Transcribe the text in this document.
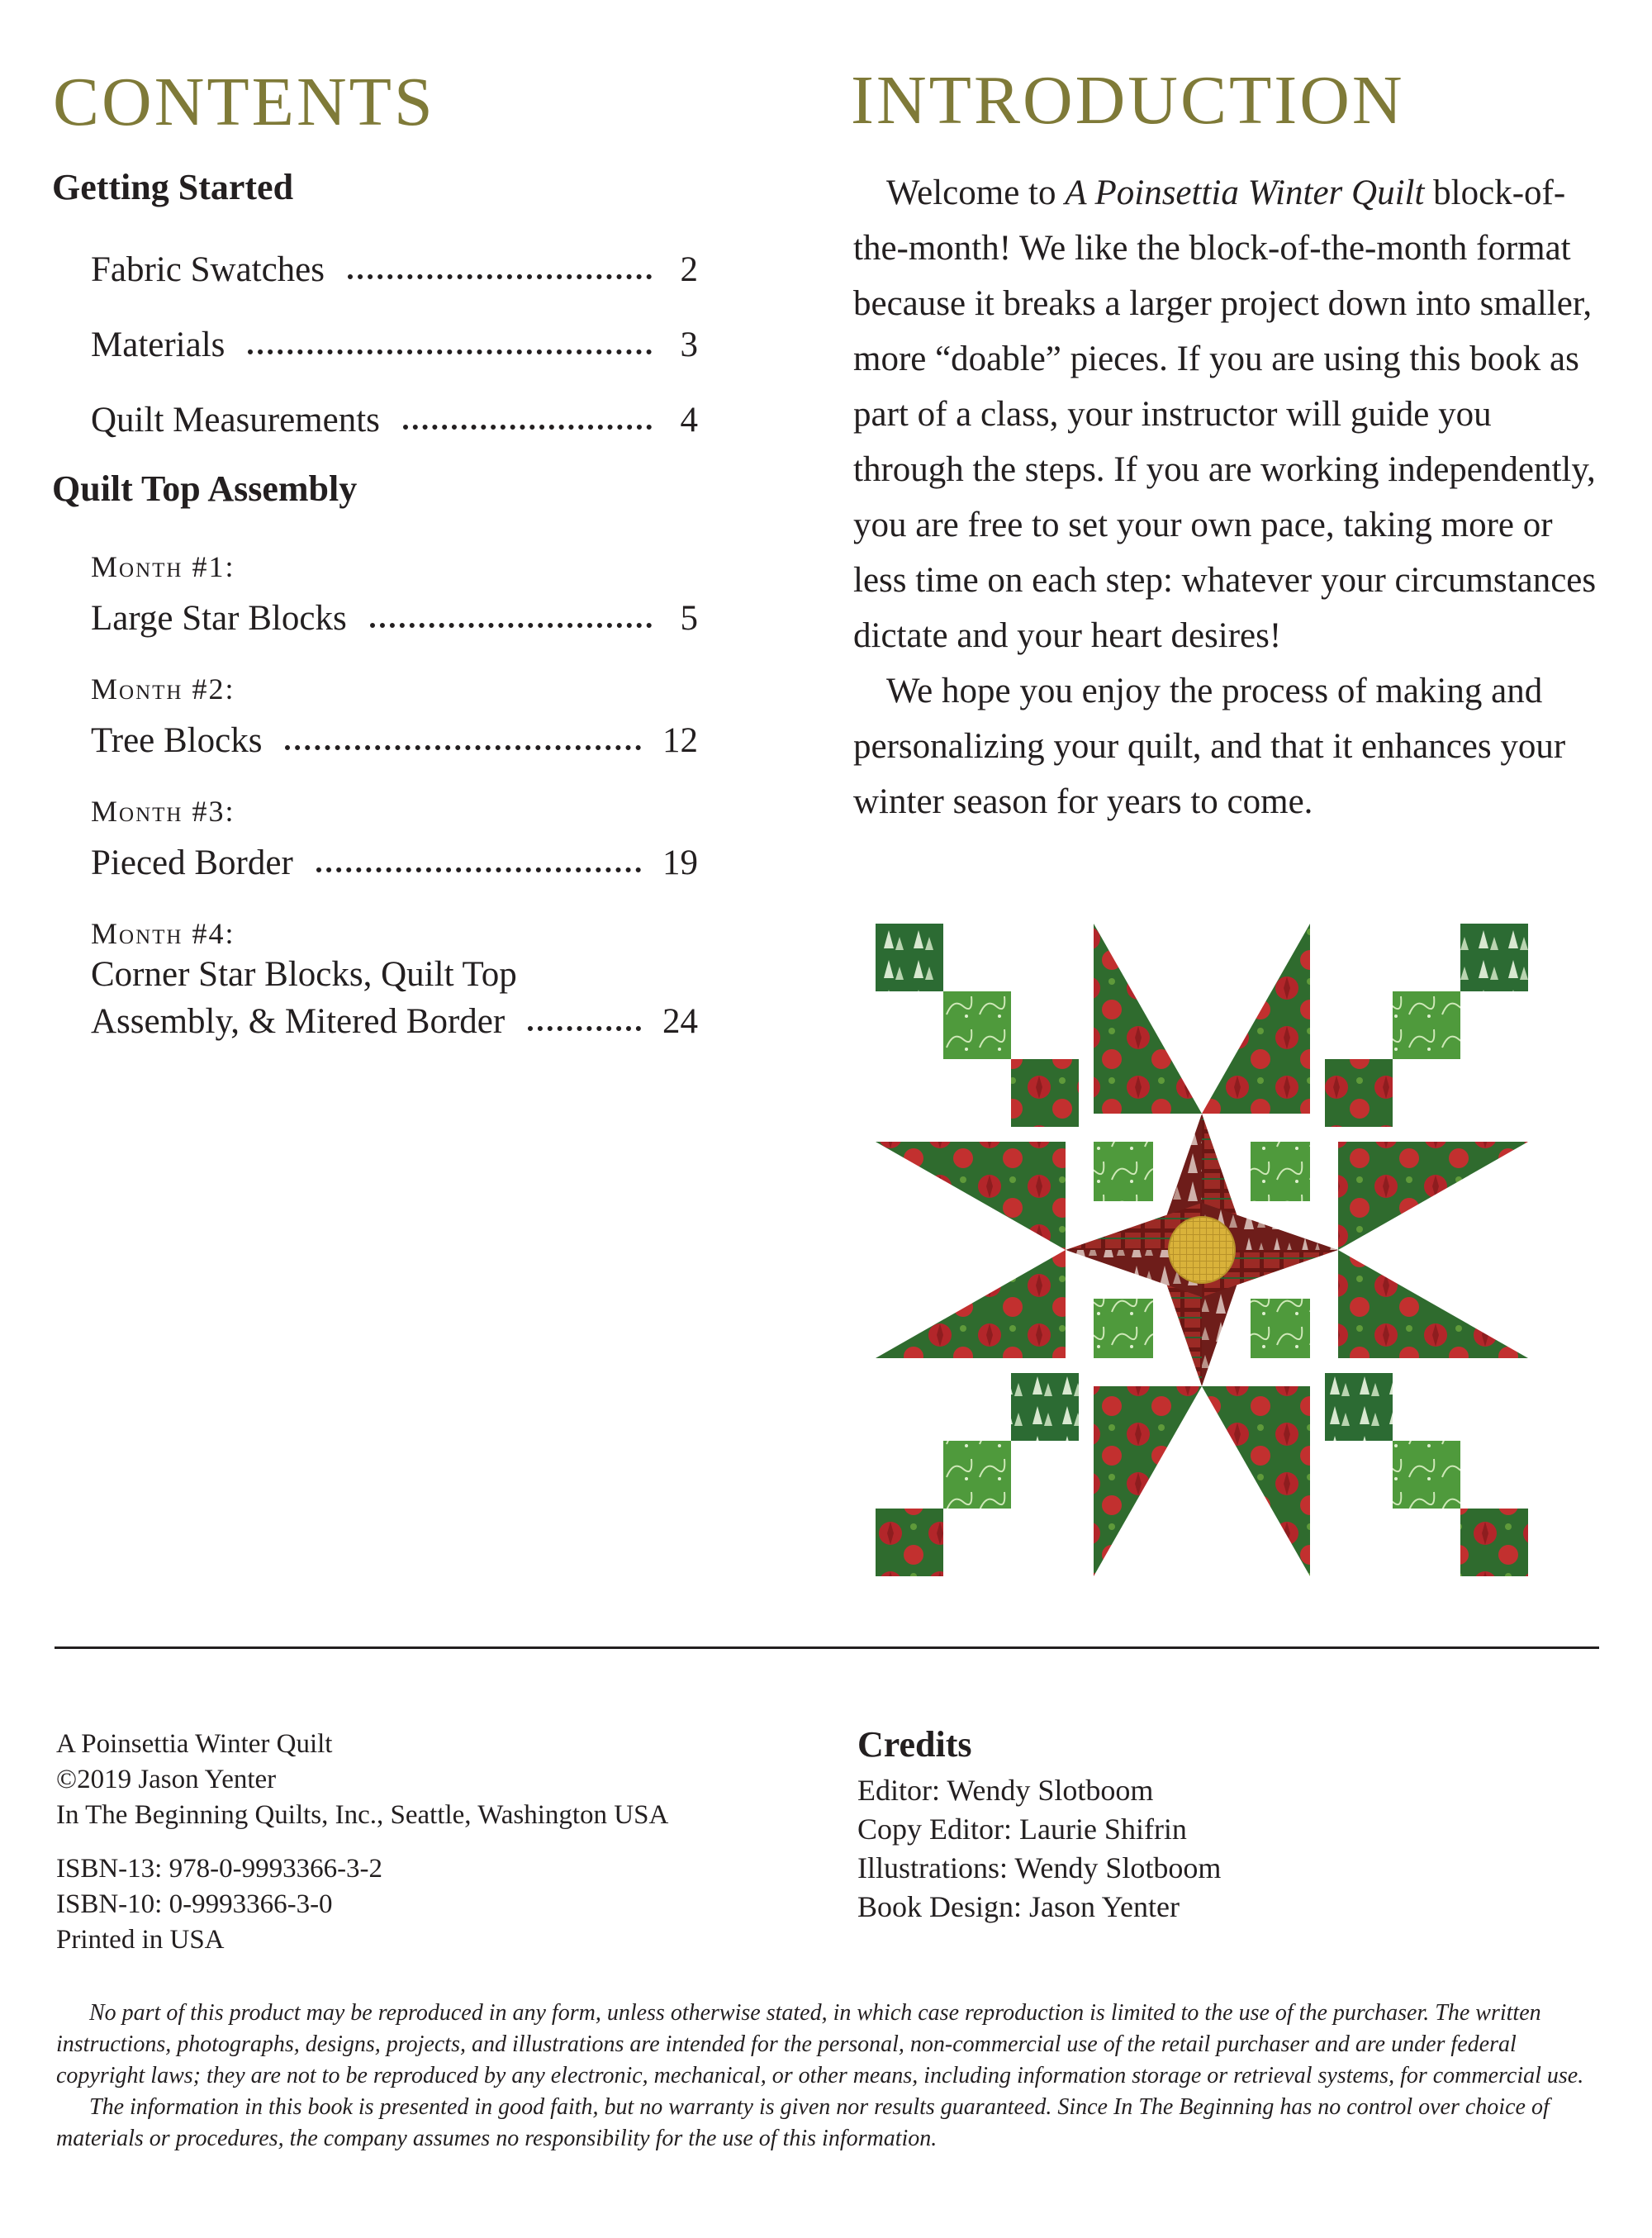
CONTENTS
Getting Started
Fabric Swatches	2
Materials	3
Quilt Measurements	4
Quilt Top Assembly
Month #1:
Large Star Blocks	5
Month #2:
Tree Blocks	12
Month #3:
Pieced Border	19
Month #4:
Corner Star Blocks, Quilt Top
Assembly, & Mitered Border	24
INTRODUCTION

Welcome to A Poinsettia Winter Quilt block-of-the-month! We like the block-of-the-month format because it breaks a larger project down into smaller, more “doable” pieces. If you are using this book as part of a class, your instructor will guide you through the steps. If you are working independently, you are free to set your own pace, taking more or less time on each step: whatever your circumstances dictate and your heart desires!

We hope you enjoy the process of making and personalizing your quilt, and that it enhances your winter season for years to come.

A Poinsettia Winter Quilt
©2019 Jason Yenter
In The Beginning Quilts, Inc., Seattle, Washington USA
ISBN-13: 978-0-9993366-3-2
ISBN-10: 0-9993366-3-0
Printed in USA
Credits
Editor: Wendy Slotboom
Copy Editor: Laurie Shifrin
Illustrations: Wendy Slotboom
Book Design: Jason Yenter

No part of this product may be reproduced in any form, unless otherwise stated, in which case reproduction is limited to the use of the purchaser. The written instructions, photographs, designs, projects, and illustrations are intended for the personal, non-commercial use of the retail purchaser and are under federal copyright laws; they are not to be reproduced by any electronic, mechanical, or other means, including information storage or retrieval systems, for commercial use.

The information in this book is presented in good faith, but no warranty is given nor results guaranteed. Since In The Beginning has no control over choice of materials or procedures, the company assumes no responsibility for the use of this information.
